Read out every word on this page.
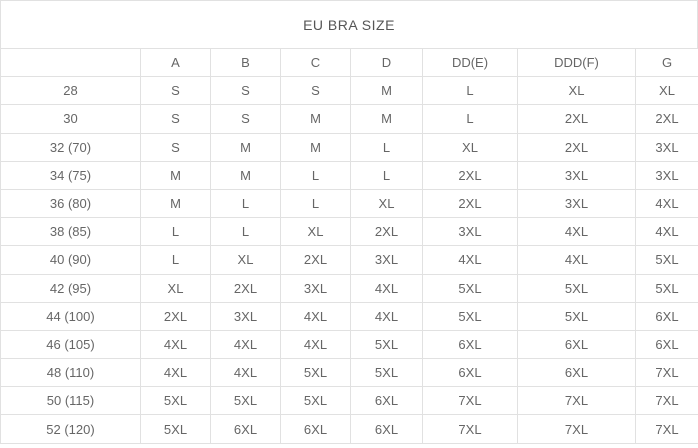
EU BRA SIZE
	A	B	C	D	DD(E)	DDD(F)	G
28	S	S	S	M	L	XL	XL
30	S	S	M	M	L	2XL	2XL
32 (70)	S	M	M	L	XL	2XL	3XL
34 (75)	M	M	L	L	2XL	3XL	3XL
36 (80)	M	L	L	XL	2XL	3XL	4XL
38 (85)	L	L	XL	2XL	3XL	4XL	4XL
40 (90)	L	XL	2XL	3XL	4XL	4XL	5XL
42 (95)	XL	2XL	3XL	4XL	5XL	5XL	5XL
44 (100)	2XL	3XL	4XL	4XL	5XL	5XL	6XL
46 (105)	4XL	4XL	4XL	5XL	6XL	6XL	6XL
48 (110)	4XL	4XL	5XL	5XL	6XL	6XL	7XL
50 (115)	5XL	5XL	5XL	6XL	7XL	7XL	7XL
52 (120)	5XL	6XL	6XL	6XL	7XL	7XL	7XL
